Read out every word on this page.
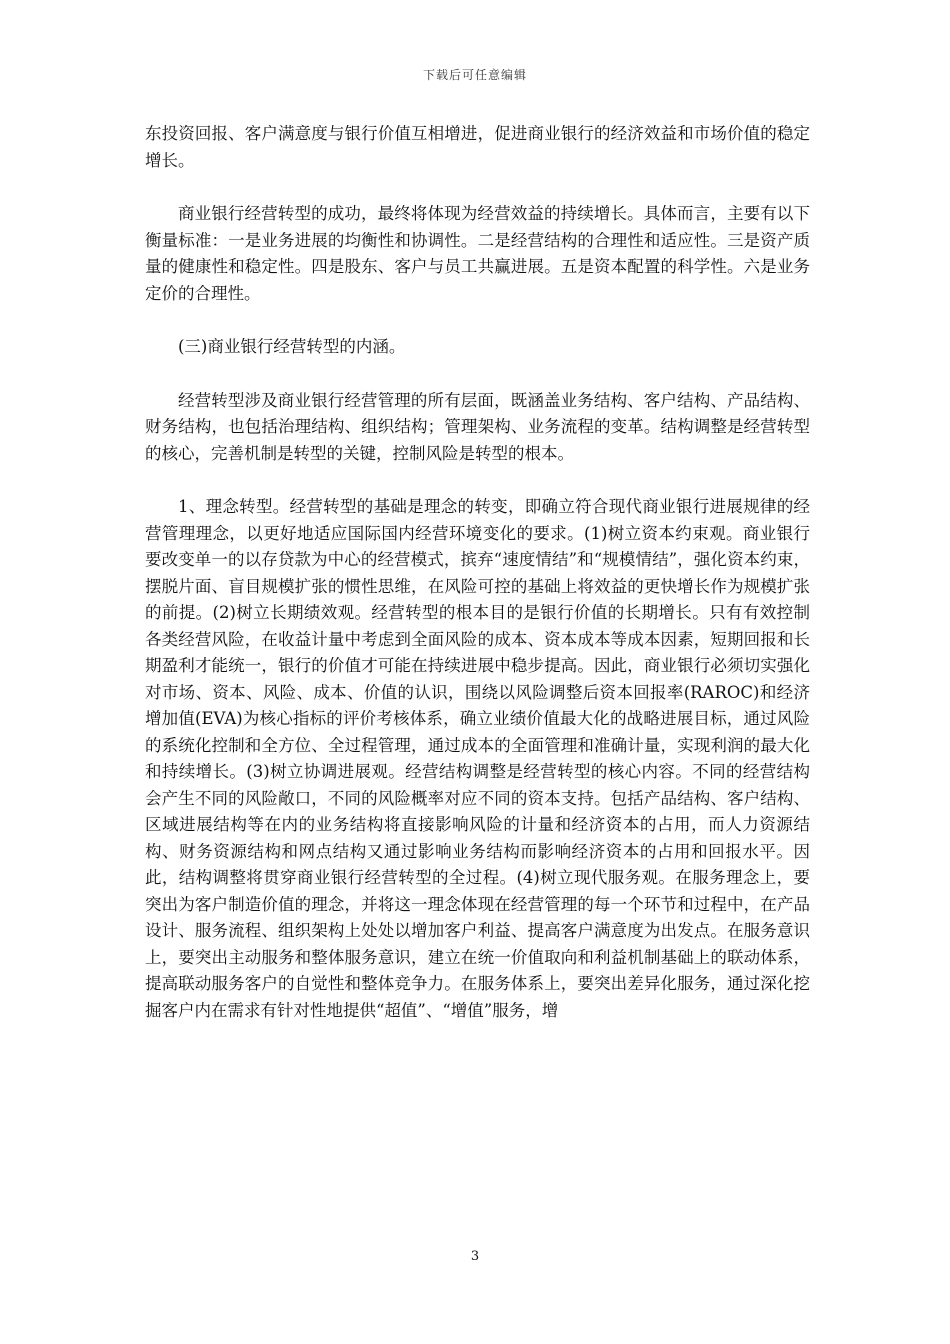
下载后可任意编辑

东投资回报、客户满意度与银行价值互相增进，促进商业银行的经济效益和市场价值的稳定增长。

商业银行经营转型的成功，最终将体现为经营效益的持续增长。具体而言，主要有以下衡量标准：一是业务进展的均衡性和协调性。二是经营结构的合理性和适应性。三是资产质量的健康性和稳定性。四是股东、客户与员工共赢进展。五是资本配置的科学性。六是业务定价的合理性。

(三)商业银行经营转型的内涵。

经营转型涉及商业银行经营管理的所有层面，既涵盖业务结构、客户结构、产品结构、财务结构，也包括治理结构、组织结构；管理架构、业务流程的变革。结构调整是经营转型的核心，完善机制是转型的关键，控制风险是转型的根本。

1、理念转型。经营转型的基础是理念的转变，即确立符合现代商业银行进展规律的经营管理理念，以更好地适应国际国内经营环境变化的要求。(1)树立资本约束观。商业银行要改变单一的以存贷款为中心的经营模式，摈弃“速度情结”和“规模情结”，强化资本约束，摆脱片面、盲目规模扩张的惯性思维，在风险可控的基础上将效益的更快增长作为规模扩张的前提。(2)树立长期绩效观。经营转型的根本目的是银行价值的长期增长。只有有效控制各类经营风险，在收益计量中考虑到全面风险的成本、资本成本等成本因素，短期回报和长期盈利才能统一，银行的价值才可能在持续进展中稳步提高。因此，商业银行必须切实强化对市场、资本、风险、成本、价值的认识，围绕以风险调整后资本回报率(RAROC)和经济增加值(EVA)为核心指标的评价考核体系，确立业绩价值最大化的战略进展目标，通过风险的系统化控制和全方位、全过程管理，通过成本的全面管理和准确计量，实现利润的最大化和持续增长。(3)树立协调进展观。经营结构调整是经营转型的核心内容。不同的经营结构会产生不同的风险敞口，不同的风险概率对应不同的资本支持。包括产品结构、客户结构、区域进展结构等在内的业务结构将直接影响风险的计量和经济资本的占用，而人力资源结构、财务资源结构和网点结构又通过影响业务结构而影响经济资本的占用和回报水平。因此，结构调整将贯穿商业银行经营转型的全过程。(4)树立现代服务观。在服务理念上，要突出为客户制造价值的理念，并将这一理念体现在经营管理的每一个环节和过程中，在产品设计、服务流程、组织架构上处处以增加客户利益、提高客户满意度为出发点。在服务意识上，要突出主动服务和整体服务意识，建立在统一价值取向和利益机制基础上的联动体系，提高联动服务客户的自觉性和整体竞争力。在服务体系上，要突出差异化服务，通过深化挖掘客户内在需求有针对性地提供“超值”、“增值”服务，增

3
